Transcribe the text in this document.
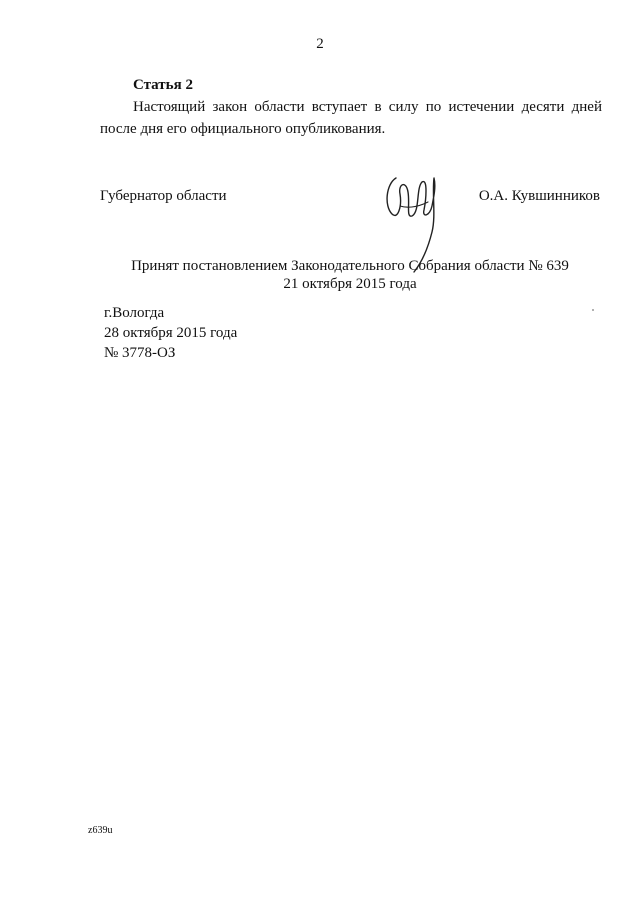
2
Статья 2
Настоящий закон области вступает в силу по истечении десяти дней после дня его официального опубликования.
Губернатор области	О.А. Кувшинников
Принят постановлением Законодательного Собрания области № 639
21 октября 2015 года
г.Вологда
28 октября 2015 года
№ 3778-ОЗ
z639u
